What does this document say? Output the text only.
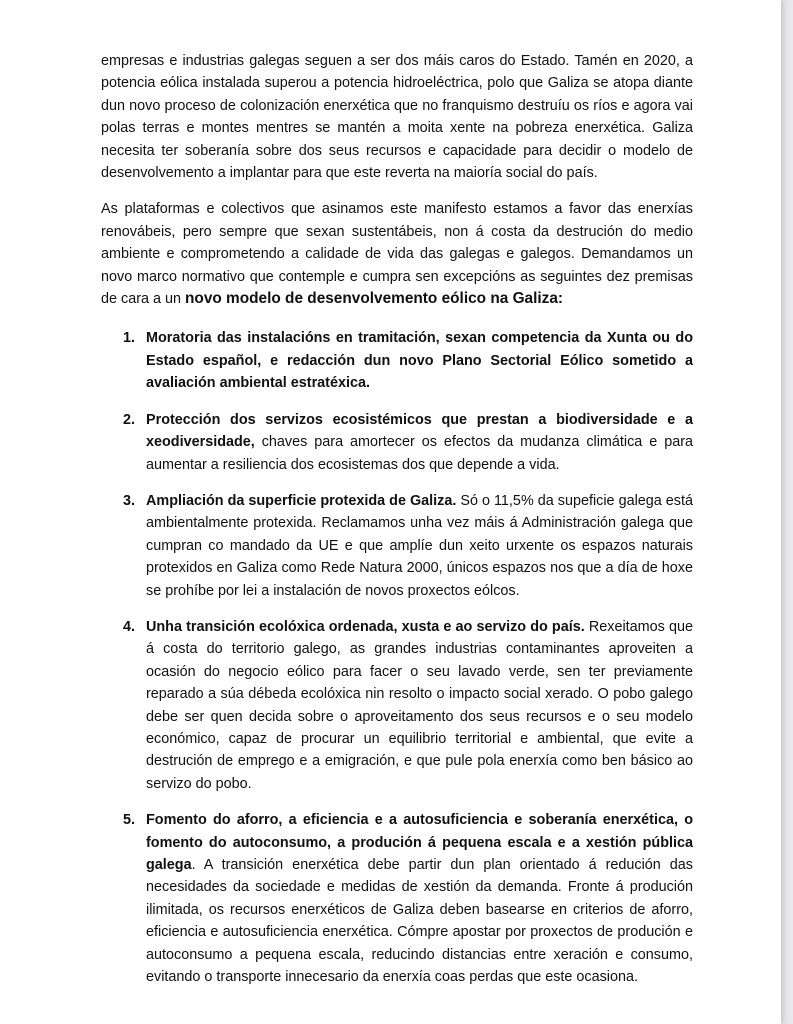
empresas e industrias galegas seguen a ser dos máis caros do Estado. Tamén en 2020, a potencia eólica instalada superou a potencia hidroeléctrica, polo que Galiza se atopa diante dun novo proceso de colonización enerxética que no franquismo destruíu os ríos e agora vai polas terras e montes mentres se mantén a moita xente na pobreza enerxética. Galiza necesita ter soberanía sobre dos seus recursos e capacidade para decidir o modelo de desenvolvemento a implantar para que este reverta na maioría social do país.

As plataformas e colectivos que asinamos este manifesto estamos a favor das enerxías renovábeis, pero sempre que sexan sustentábeis, non á costa da destrución do medio ambiente e comprometendo a calidade de vida das galegas e galegos. Demandamos un novo marco normativo que contemple e cumpra sen excepcións as seguintes dez premisas de cara a un novo modelo de desenvolvemento eólico na Galiza:

1. Moratoria das instalacións en tramitación, sexan competencia da Xunta ou do Estado español, e redacción dun novo Plano Sectorial Eólico sometido a avaliación ambiental estratéxica.
2. Protección dos servizos ecosistémicos que prestan a biodiversidade e a xeodiversidade, chaves para amortecer os efectos da mudanza climática e para aumentar a resiliencia dos ecosistemas dos que depende a vida.
3. Ampliación da superficie protexida de Galiza. Só o 11,5% da supeficie galega está ambientalmente protexida. Reclamamos unha vez máis á Administración galega que cumpran co mandado da UE e que amplíe dun xeito urxente os espazos naturais protexidos en Galiza como Rede Natura 2000, únicos espazos nos que a día de hoxe se prohíbe por lei a instalación de novos proxectos eólcos.
4. Unha transición ecolóxica ordenada, xusta e ao servizo do país. Rexeitamos que á costa do territorio galego, as grandes industrias contaminantes aproveiten a ocasión do negocio eólico para facer o seu lavado verde, sen ter previamente reparado a súa débeda ecolóxica nin resolto o impacto social xerado. O pobo galego debe ser quen decida sobre o aproveitamento dos seus recursos e o seu modelo económico, capaz de procurar un equilibrio territorial e ambiental, que evite a destrución de emprego e a emigración, e que pule pola enerxía como ben básico ao servizo do pobo.
5. Fomento do aforro, a eficiencia e a autosuficiencia e soberanía enerxética, o fomento do autoconsumo, a produción á pequena escala e a xestión pública galega. A transición enerxética debe partir dun plan orientado á redución das necesidades da sociedade e medidas de xestión da demanda. Fronte á produción ilimitada, os recursos enerxéticos de Galiza deben basearse en criterios de aforro, eficiencia e autosuficiencia enerxética. Cómpre apostar por proxectos de produción e autoconsumo a pequena escala, reducindo distancias entre xeración e consumo, evitando o transporte innecesario da enerxía coas perdas que este ocasiona.
